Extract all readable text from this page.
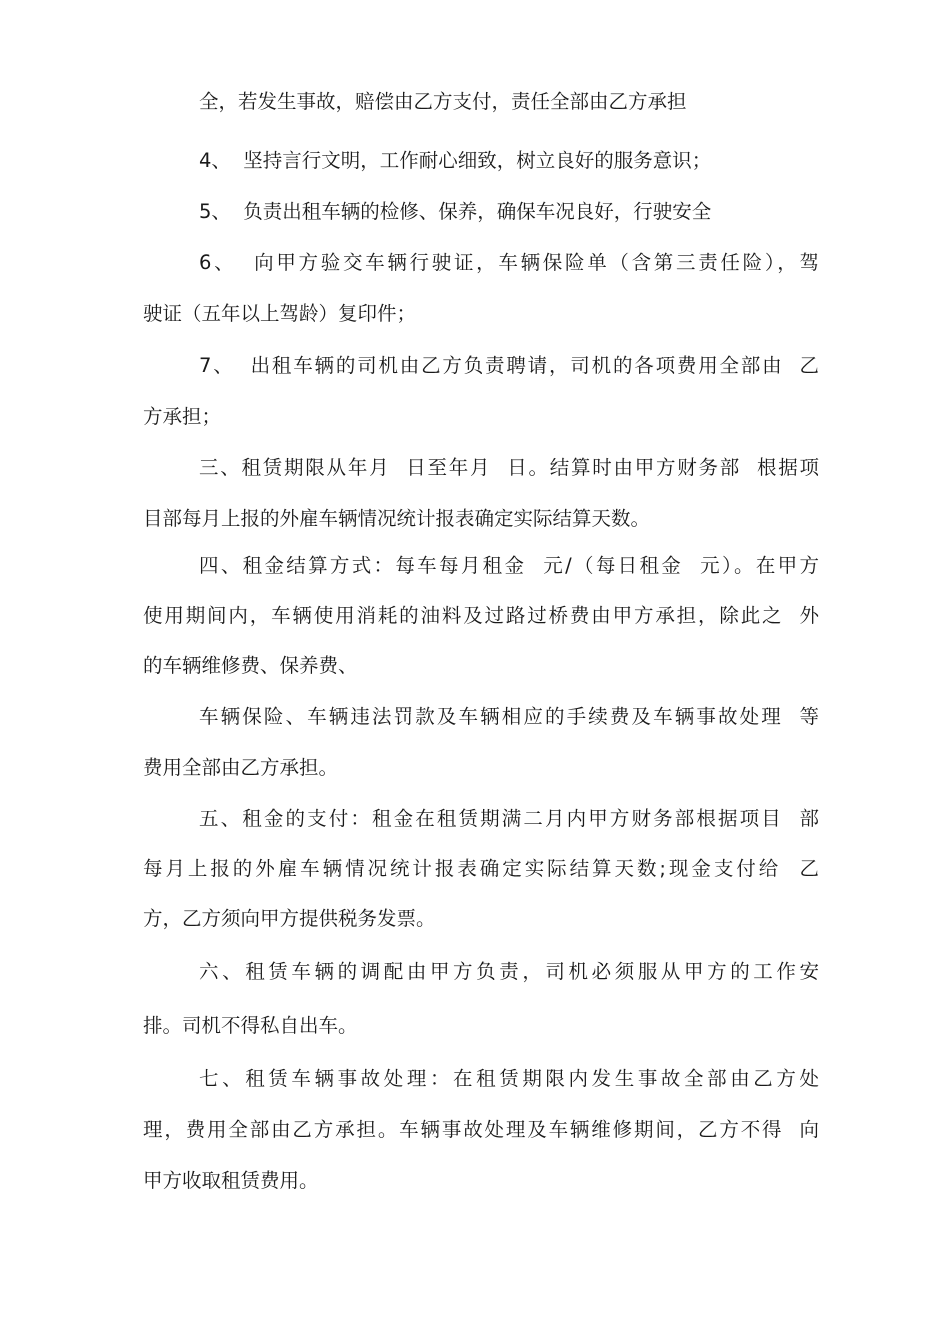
全，若发生事故，赔偿由乙方支付，责任全部由乙方承担

4、  坚持言行文明，工作耐心细致，树立良好的服务意识；

5、  负责出租车辆的检修、保养，确保车况良好，行驶安全

6、  向甲方验交车辆行驶证，车辆保险单（含第三责任险），驾

驶证（五年以上驾龄）复印件；

7、  出租车辆的司机由乙方负责聘请，司机的各项费用全部由  乙

方承担；

三、租赁期限从年月  日至年月  日。结算时由甲方财务部  根据项

目部每月上报的外雇车辆情况统计报表确定实际结算天数。

四、租金结算方式：每车每月租金  元/（每日租金  元）。在甲方

使用期间内，车辆使用消耗的油料及过路过桥费由甲方承担，除此之  外

的车辆维修费、保养费、

车辆保险、车辆违法罚款及车辆相应的手续费及车辆事故处理  等

费用全部由乙方承担。

五、租金的支付：租金在租赁期满二月内甲方财务部根据项目  部

每月上报的外雇车辆情况统计报表确定实际结算天数;现金支付给  乙

方，乙方须向甲方提供税务发票。

六、租赁车辆的调配由甲方负责，司机必须服从甲方的工作安

排。司机不得私自出车。

七、租赁车辆事故处理：在租赁期限内发生事故全部由乙方处

理，费用全部由乙方承担。车辆事故处理及车辆维修期间，乙方不得  向

甲方收取租赁费用。
